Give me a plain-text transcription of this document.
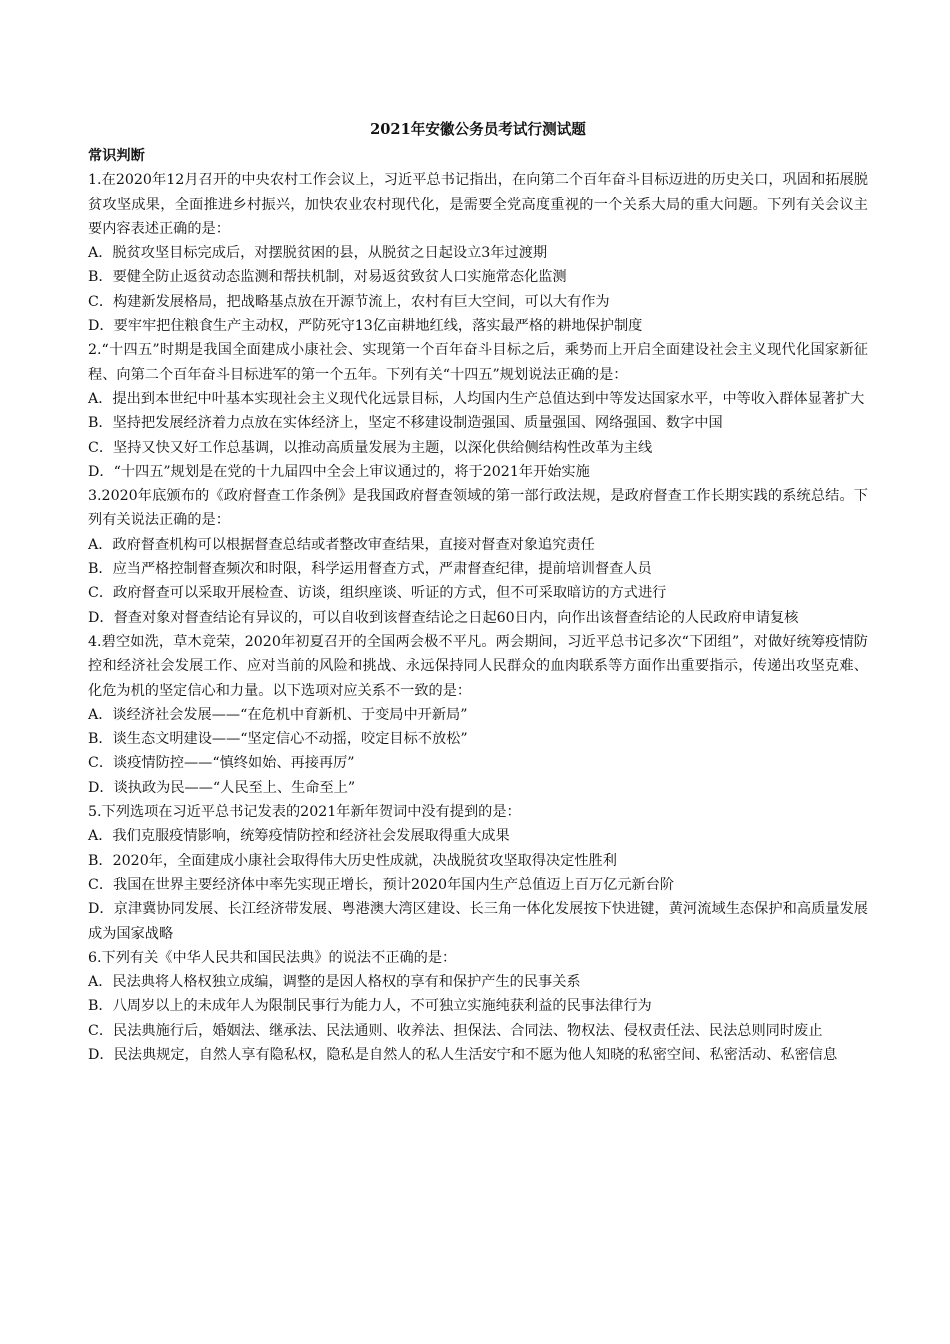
2021年安徽公务员考试行测试题

常识判断

1.在2020年12月召开的中央农村工作会议上，习近平总书记指出，在向第二个百年奋斗目标迈进的历史关口，巩固和拓展脱贫攻坚成果，全面推进乡村振兴，加快农业农村现代化，是需要全党高度重视的一个关系大局的重大问题。下列有关会议主要内容表述正确的是：

A．脱贫攻坚目标完成后，对摆脱贫困的县，从脱贫之日起设立3年过渡期

B．要健全防止返贫动态监测和帮扶机制，对易返贫致贫人口实施常态化监测

C．构建新发展格局，把战略基点放在开源节流上，农村有巨大空间，可以大有作为

D．要牢牢把住粮食生产主动权，严防死守13亿亩耕地红线，落实最严格的耕地保护制度

2.“十四五”时期是我国全面建成小康社会、实现第一个百年奋斗目标之后，乘势而上开启全面建设社会主义现代化国家新征程、向第二个百年奋斗目标进军的第一个五年。下列有关“十四五”规划说法正确的是：

A．提出到本世纪中叶基本实现社会主义现代化远景目标，人均国内生产总值达到中等发达国家水平，中等收入群体显著扩大

B．坚持把发展经济着力点放在实体经济上，坚定不移建设制造强国、质量强国、网络强国、数字中国

C．坚持又快又好工作总基调，以推动高质量发展为主题，以深化供给侧结构性改革为主线

D．“十四五”规划是在党的十九届四中全会上审议通过的，将于2021年开始实施

3.2020年底颁布的《政府督查工作条例》是我国政府督查领域的第一部行政法规，是政府督查工作长期实践的系统总结。下列有关说法正确的是：

A．政府督查机构可以根据督查总结或者整改审查结果，直接对督查对象追究责任

B．应当严格控制督查频次和时限，科学运用督查方式，严肃督查纪律，提前培训督查人员

C．政府督查可以采取开展检查、访谈，组织座谈、听证的方式，但不可采取暗访的方式进行

D．督查对象对督查结论有异议的，可以自收到该督查结论之日起60日内，向作出该督查结论的人民政府申请复核

4.碧空如洗，草木竞荣，2020年初夏召开的全国两会极不平凡。两会期间，习近平总书记多次“下团组”，对做好统筹疫情防控和经济社会发展工作、应对当前的风险和挑战、永远保持同人民群众的血肉联系等方面作出重要指示，传递出攻坚克难、化危为机的坚定信心和力量。以下选项对应关系不一致的是：

A．谈经济社会发展——“在危机中育新机、于变局中开新局”

B．谈生态文明建设——“坚定信心不动摇，咬定目标不放松”

C．谈疫情防控——“慎终如始、再接再厉”

D．谈执政为民——“人民至上、生命至上”

5.下列选项在习近平总书记发表的2021年新年贺词中没有提到的是：

A．我们克服疫情影响，统筹疫情防控和经济社会发展取得重大成果

B．2020年，全面建成小康社会取得伟大历史性成就，决战脱贫攻坚取得决定性胜利

C．我国在世界主要经济体中率先实现正增长，预计2020年国内生产总值迈上百万亿元新台阶

D．京津冀协同发展、长江经济带发展、粤港澳大湾区建设、长三角一体化发展按下快进键，黄河流域生态保护和高质量发展成为国家战略

6.下列有关《中华人民共和国民法典》的说法不正确的是：

A．民法典将人格权独立成编，调整的是因人格权的享有和保护产生的民事关系

B．八周岁以上的未成年人为限制民事行为能力人，不可独立实施纯获利益的民事法律行为

C．民法典施行后，婚姻法、继承法、民法通则、收养法、担保法、合同法、物权法、侵权责任法、民法总则同时废止

D．民法典规定，自然人享有隐私权，隐私是自然人的私人生活安宁和不愿为他人知晓的私密空间、私密活动、私密信息
